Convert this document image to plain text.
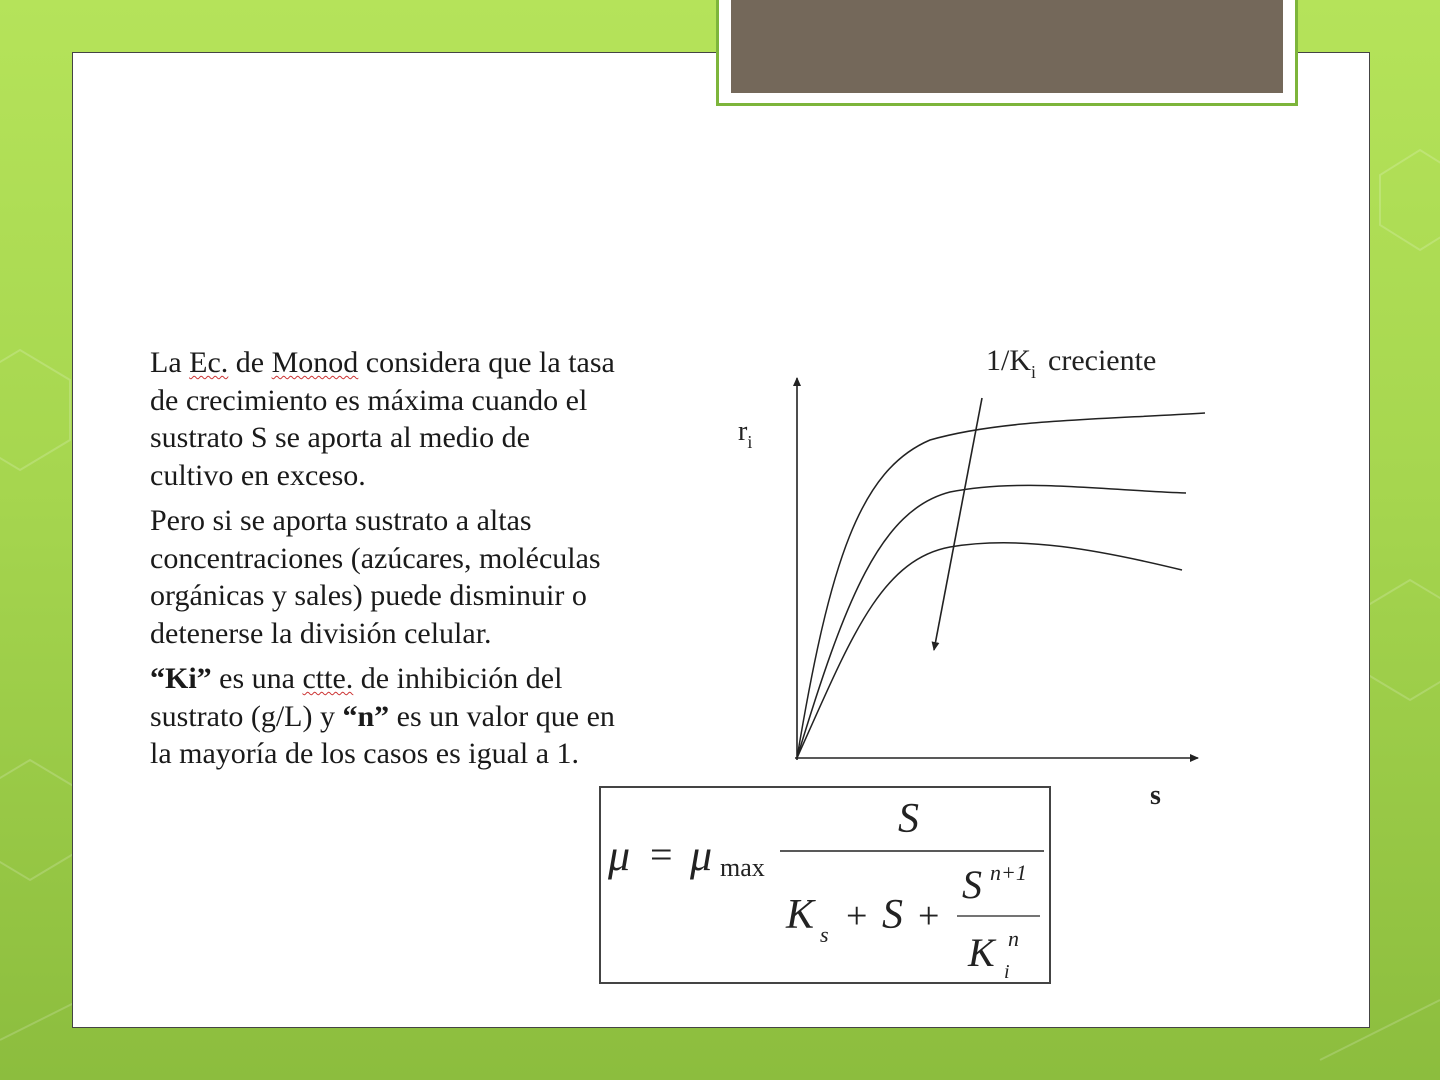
La Ec. de Monod considera que la tasa de crecimiento es máxima cuando el sustrato S se aporta al medio de cultivo en exceso.

Pero si se aporta sustrato a altas concentraciones (azúcares, moléculas orgánicas y sales) puede disminuir o detenerse la división celular.

“Ki” es una ctte. de inhibición del sustrato (g/L) y “n” es un valor que en la mayoría de los casos es igual a 1.

$r_i$
s
$1/K_i$ creciente
μ = μ max
S
K s + S +
S n+1
K n
i
